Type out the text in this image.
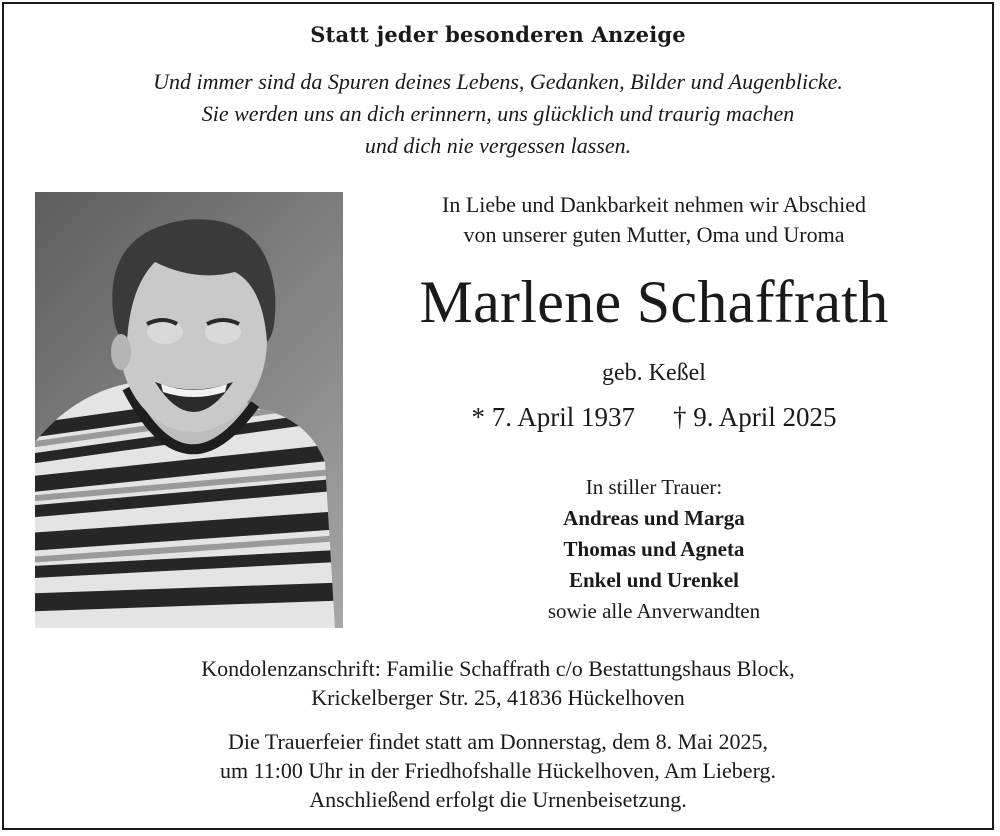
Statt jeder besonderen Anzeige
Und immer sind da Spuren deines Lebens, Gedanken, Bilder und Augenblicke.
Sie werden uns an dich erinnern, uns glücklich und traurig machen
und dich nie vergessen lassen.
In Liebe und Dankbarkeit nehmen wir Abschied
von unserer guten Mutter, Oma und Uroma
Marlene Schaffrath
geb. Keßel
* 7. April 1937 † 9. April 2025
In stiller Trauer:
Andreas und Marga
Thomas und Agneta
Enkel und Urenkel
sowie alle Anverwandten
Kondolenzanschrift: Familie Schaffrath c/o Bestattungshaus Block,
Krickelberger Str. 25, 41836 Hückelhoven
Die Trauerfeier findet statt am Donnerstag, dem 8. Mai 2025,
um 11:00 Uhr in der Friedhofshalle Hückelhoven, Am Lieberg.
Anschließend erfolgt die Urnenbeisetzung.
